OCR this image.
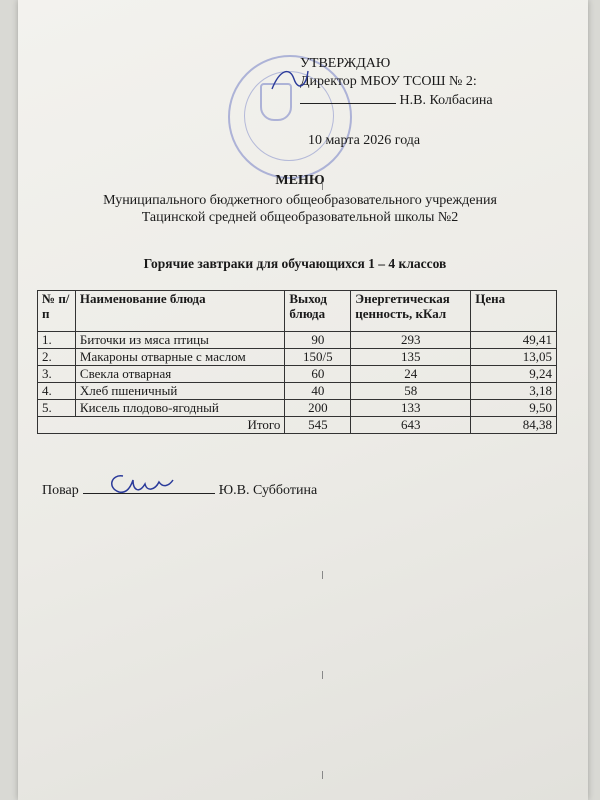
УТВЕРЖДАЮ
Директор МБОУ ТСОШ № 2:
Н.В. Колбасина
10 марта 2026 года
МЕНЮ
Муниципального бюджетного общеобразовательного учреждения
Тацинской средней общеобразовательной школы №2
Горячие завтраки для обучающихся 1 – 4 классов
№ п/п	Наименование блюда	Выход блюда	Энергетическая ценность, кКал	Цена
1.	Биточки из мяса птицы	90	293	49,41
2.	Макароны отварные с маслом	150/5	135	13,05
3.	Свекла отварная	60	24	9,24
4.	Хлеб пшеничный	40	58	3,18
5.	Кисель плодово-ягодный	200	133	9,50
Итого		545	643	84,38
Повар	Ю.В. Субботина
